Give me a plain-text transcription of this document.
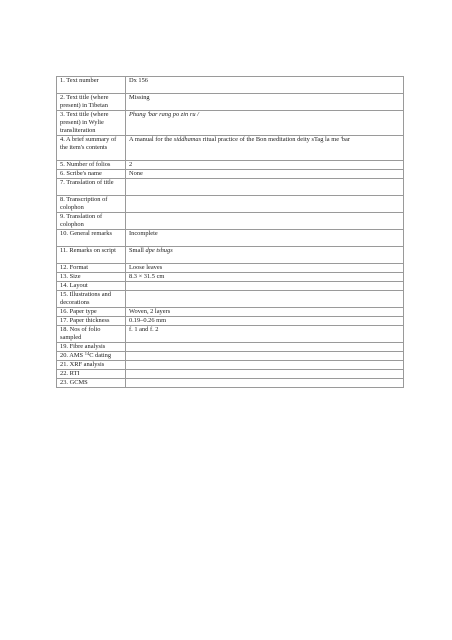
1. Text number	Dx 156
2. Text title (where present) in Tibetan	Missing
3. Text title (where present) in Wylie transliteration	Phung 'bar rang po zin ru /
4. A brief summary of the item's contents	A manual for the siddhamas ritual practice of the Bon meditation deity sTag la me 'bar
5. Number of folios	2
6. Scribe's name	None
7. Translation of title	
8. Transcription of colophon	
9. Translation of colophon	
10. General remarks	Incomplete
11. Remarks on script	Small dpe tshugs
12. Format	Loose leaves
13. Size	8.3 × 31.5 cm
14. Layout	
15. Illustrations and decorations	
16. Paper type	Woven, 2 layers
17. Paper thickness	0.19–0.26 mm
18. Nos of folio sampled	f. 1 and f. 2
19. Fibre analysis	
20. AMS $^{14}$C dating	
21. XRF analysis	
22. RTI	
23. GCMS	
